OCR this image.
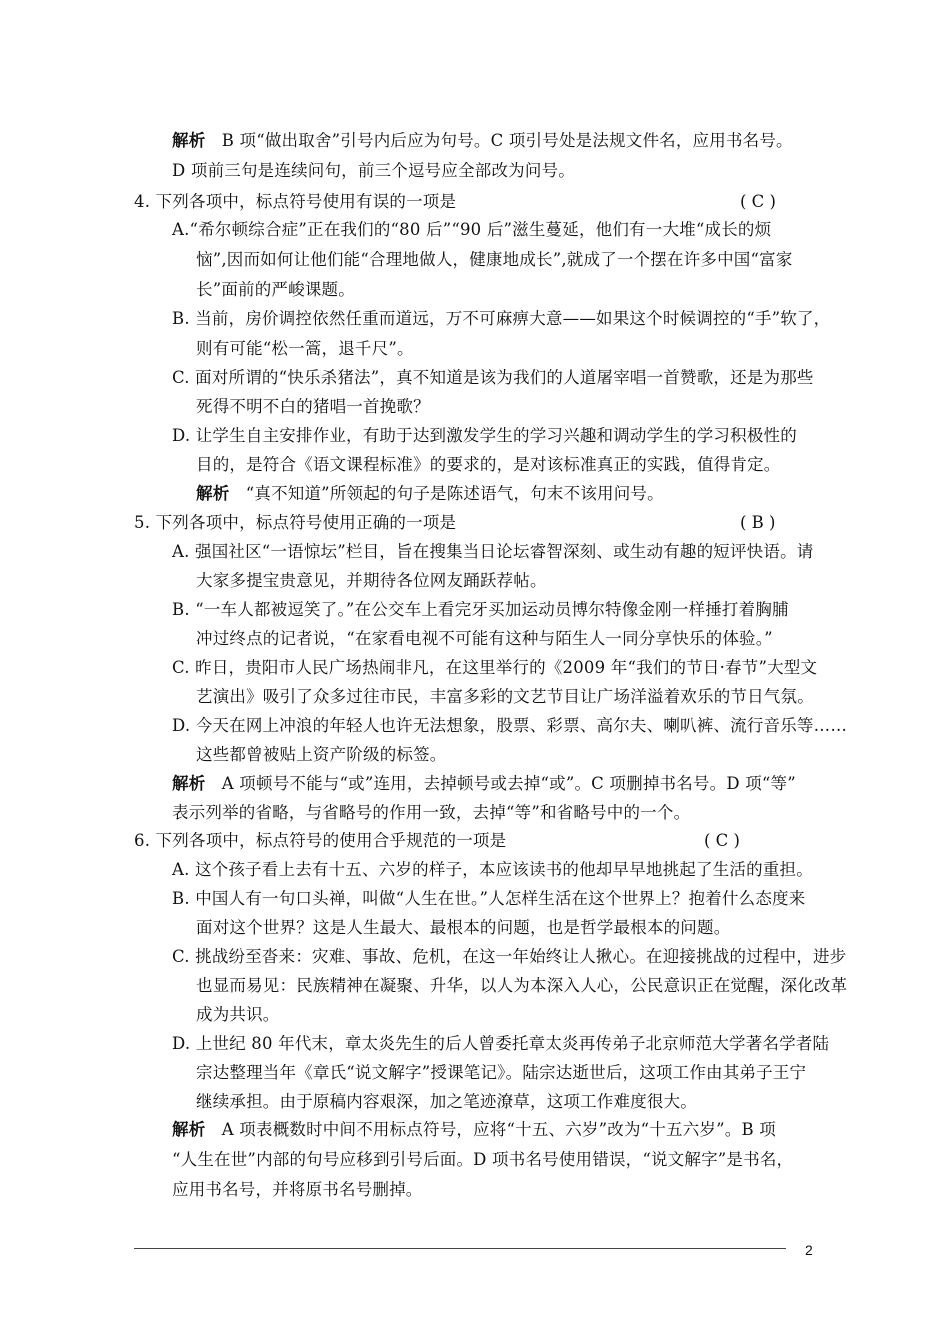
解析 B 项“做出取舍”引号内后应为句号。C 项引号处是法规文件名，应用书名号。
D 项前三句是连续问句，前三个逗号应全部改为问号。
4. 下列各项中，标点符号使用有误的一项是	( C )
A.“希尔顿综合症”正在我们的“80 后”“90 后”滋生蔓延，他们有一大堆“成长的烦
恼”,因而如何让他们能“合理地做人，健康地成长”,就成了一个摆在许多中国“富家
长”面前的严峻课题。
B. 当前，房价调控依然任重而道远，万不可麻痹大意——如果这个时候调控的“手”软了，
则有可能“松一篙，退千尺”。
C. 面对所谓的“快乐杀猪法”，真不知道是该为我们的人道屠宰唱一首赞歌，还是为那些
死得不明不白的猪唱一首挽歌？
D. 让学生自主安排作业，有助于达到激发学生的学习兴趣和调动学生的学习积极性的
目的，是符合《语文课程标准》的要求的，是对该标准真正的实践，值得肯定。
解析 “真不知道”所领起的句子是陈述语气，句末不该用问号。
5. 下列各项中，标点符号使用正确的一项是	( B )
A. 强国社区“一语惊坛”栏目，旨在搜集当日论坛睿智深刻、或生动有趣的短评快语。请
大家多提宝贵意见，并期待各位网友踊跃荐帖。
B. “一车人都被逗笑了。”在公交车上看完牙买加运动员博尔特像金刚一样捶打着胸脯
冲过终点的记者说，“在家看电视不可能有这种与陌生人一同分享快乐的体验。”
C. 昨日，贵阳市人民广场热闹非凡，在这里举行的《2009 年“我们的节日·春节”大型文
艺演出》吸引了众多过往市民，丰富多彩的文艺节目让广场洋溢着欢乐的节日气氛。
D. 今天在网上冲浪的年轻人也许无法想象，股票、彩票、高尔夫、喇叭裤、流行音乐等……
这些都曾被贴上资产阶级的标签。
解析 A 项顿号不能与“或”连用，去掉顿号或去掉“或”。C 项删掉书名号。D 项“等”
表示列举的省略，与省略号的作用一致，去掉“等”和省略号中的一个。
6. 下列各项中，标点符号的使用合乎规范的一项是	( C )
A. 这个孩子看上去有十五、六岁的样子，本应该读书的他却早早地挑起了生活的重担。
B. 中国人有一句口头禅，叫做“人生在世。”人怎样生活在这个世界上？抱着什么态度来
面对这个世界？这是人生最大、最根本的问题，也是哲学最根本的问题。
C. 挑战纷至沓来：灾难、事故、危机，在这一年始终让人揪心。在迎接挑战的过程中，进步
也显而易见：民族精神在凝聚、升华，以人为本深入人心，公民意识正在觉醒，深化改革
成为共识。
D. 上世纪 80 年代末，章太炎先生的后人曾委托章太炎再传弟子北京师范大学著名学者陆
宗达整理当年《章氏“说文解字”授课笔记》。陆宗达逝世后，这项工作由其弟子王宁
继续承担。由于原稿内容艰深，加之笔迹潦草，这项工作难度很大。
解析 A 项表概数时中间不用标点符号，应将“十五、六岁”改为“十五六岁”。B 项
“人生在世”内部的句号应移到引号后面。D 项书名号使用错误，“说文解字”是书名，
应用书名号，并将原书名号删掉。
2
